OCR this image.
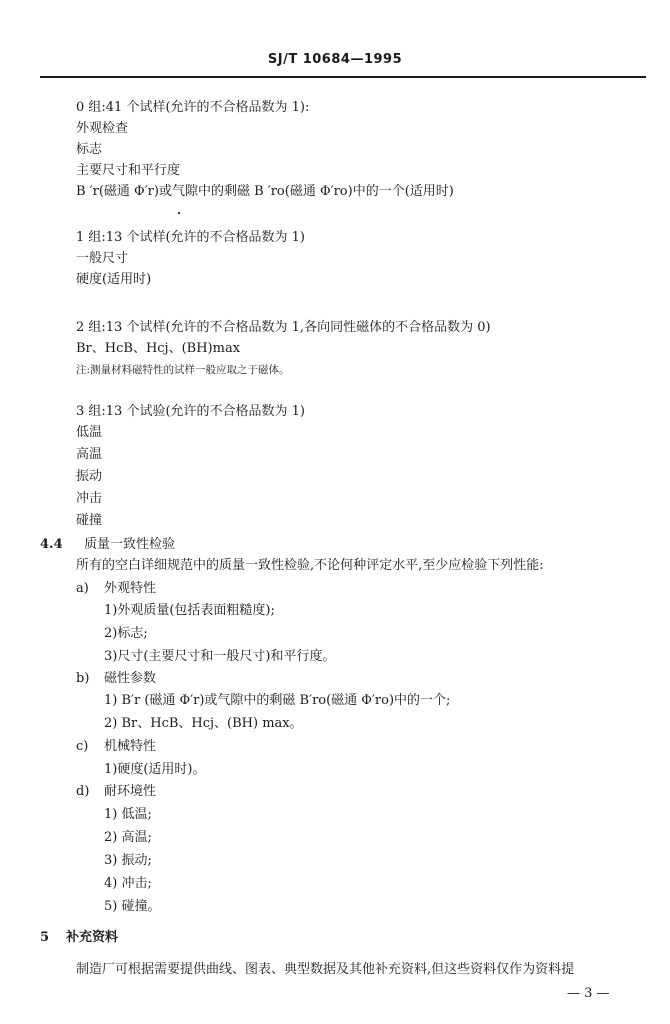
SJ/T 10684—1995
0 组:41 个试样(允许的不合格品数为 1):
外观检查
标志
主要尺寸和平行度
B ′r(磁通 Φ′r)或气隙中的剩磁 B ′ro(磁通 Φ′ro)中的一个(适用时)
1 组:13 个试样(允许的不合格品数为 1)
一般尺寸
硬度(适用时)
2 组:13 个试样(允许的不合格品数为 1,各向同性磁体的不合格品数为 0)
Br、HcB、Hcj、(BH)max
注:测量材料磁特性的试样一般应取之于磁体。
3 组:13 个试验(允许的不合格品数为 1)
低温
高温
振动
冲击
碰撞
4.4 质量一致性检验
所有的空白详细规范中的质量一致性检验,不论何种评定水平,至少应检验下列性能:
a) 外观特性
1)外观质量(包括表面粗糙度);
2)标志;
3)尺寸(主要尺寸和一般尺寸)和平行度。
b) 磁性参数
1) B′r (磁通 Φ′r)或气隙中的剩磁 B′ro(磁通 Φ′ro)中的一个;
2) Br、HcB、Hcj、(BH) max。
c) 机械特性
1)硬度(适用时)。
d) 耐环境性
1) 低温;
2) 高温;
3) 振动;
4) 冲击;
5) 碰撞。
5 补充资料
制造厂可根据需要提供曲线、图表、典型数据及其他补充资料,但这些资料仅作为资料提
— 3 —
